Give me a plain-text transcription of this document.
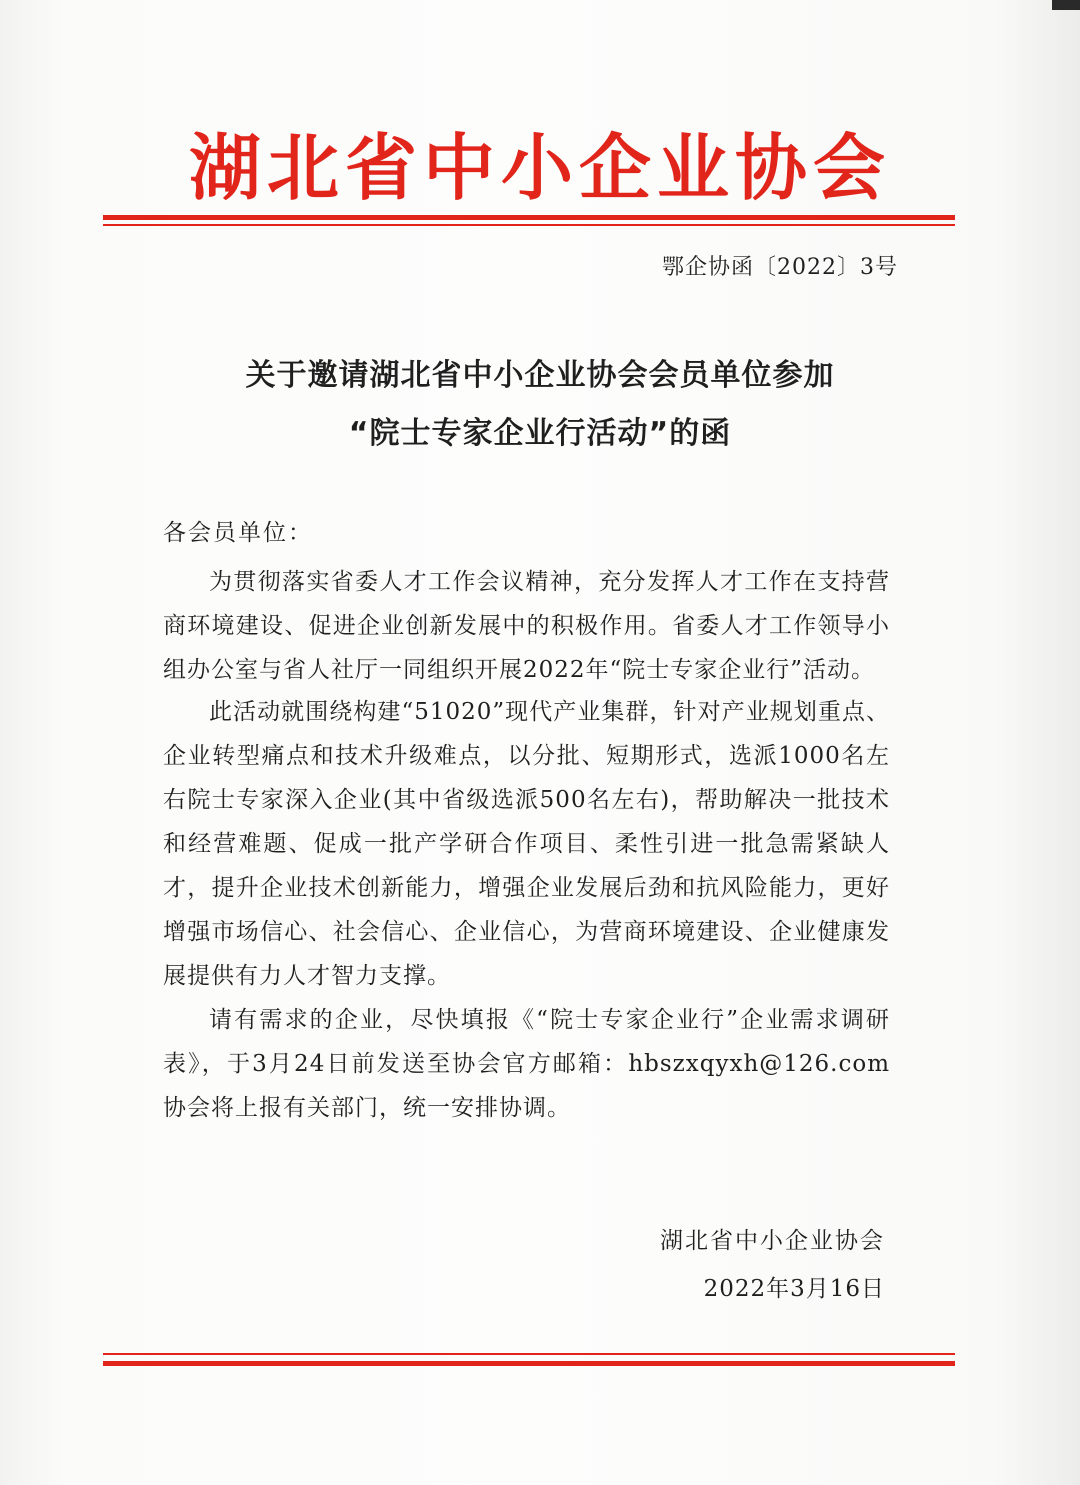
湖北省中小企业协会
鄂企协函〔2022〕3号
关于邀请湖北省中小企业协会会员单位参加
“院士专家企业行活动”的函
各会员单位：

为贯彻落实省委人才工作会议精神，充分发挥人才工作在支持营商环境建设、促进企业创新发展中的积极作用。省委人才工作领导小组办公室与省人社厅一同组织开展2022年“院士专家企业行”活动。

此活动就围绕构建“51020”现代产业集群，针对产业规划重点、企业转型痛点和技术升级难点，以分批、短期形式，选派1000名左右院士专家深入企业(其中省级选派500名左右)，帮助解决一批技术和经营难题、促成一批产学研合作项目、柔性引进一批急需紧缺人才，提升企业技术创新能力，增强企业发展后劲和抗风险能力，更好增强市场信心、社会信心、企业信心，为营商环境建设、企业健康发展提供有力人才智力支撑。

请有需求的企业，尽快填报《“院士专家企业行”企业需求调研表》，于3月24日前发送至协会官方邮箱：hbszxqyxh@126.com 协会将上报有关部门，统一安排协调。

湖北省中小企业协会
2022年3月16日
